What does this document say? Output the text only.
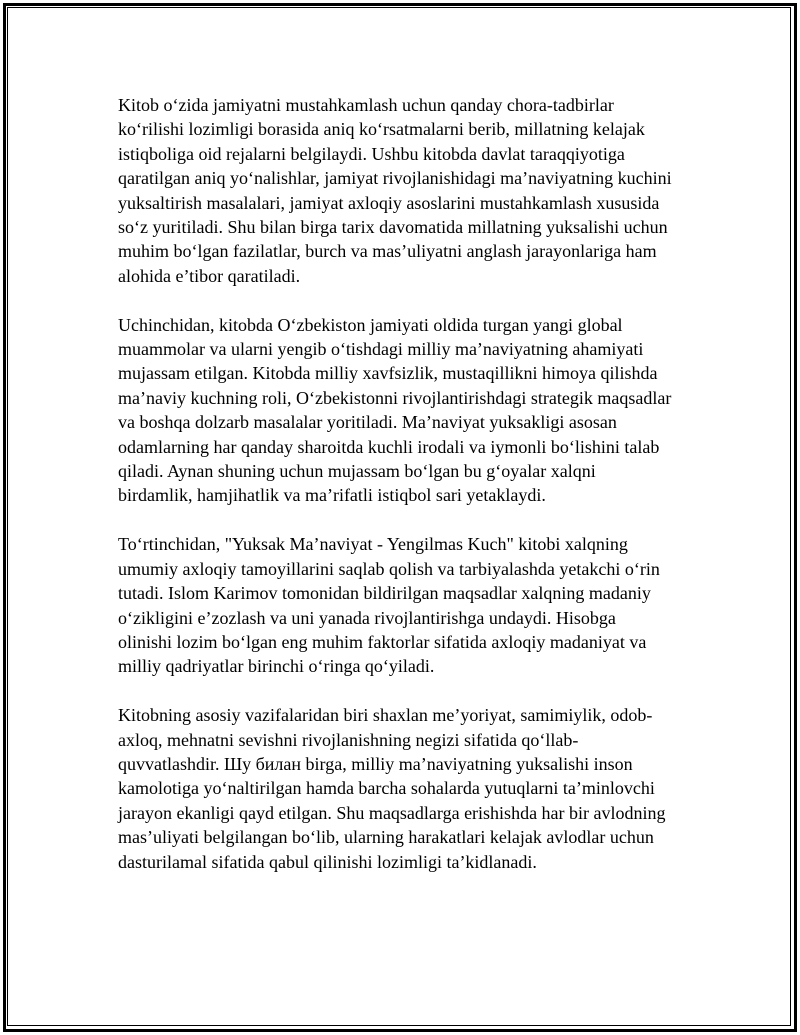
Kitob o‘zida jamiyatni mustahkamlash uchun qanday chora-tadbirlar
ko‘rilishi lozimligi borasida aniq ko‘rsatmalarni berib, millatning kelajak
istiqboliga oid rejalarni belgilaydi. Ushbu kitobda davlat taraqqiyotiga
qaratilgan aniq yo‘nalishlar, jamiyat rivojlanishidagi ma’naviyatning kuchini
yuksaltirish masalalari, jamiyat axloqiy asoslarini mustahkamlash xususida
so‘z yuritiladi. Shu bilan birga tarix davomatida millatning yuksalishi uchun
muhim bo‘lgan fazilatlar, burch va mas’uliyatni anglash jarayonlariga ham
alohida e’tibor qaratiladi.

Uchinchidan, kitobda O‘zbekiston jamiyati oldida turgan yangi global
muammolar va ularni yengib o‘tishdagi milliy ma’naviyatning ahamiyati
mujassam etilgan. Kitobda milliy xavfsizlik, mustaqillikni himoya qilishda
ma’naviy kuchning roli, O‘zbekistonni rivojlantirishdagi strategik maqsadlar
va boshqa dolzarb masalalar yoritiladi. Ma’naviyat yuksakligi asosan
odamlarning har qanday sharoitda kuchli irodali va iymonli bo‘lishini talab
qiladi. Aynan shuning uchun mujassam bo‘lgan bu g‘oyalar xalqni
birdamlik, hamjihatlik va ma’rifatli istiqbol sari yetaklaydi.

To‘rtinchidan, "Yuksak Ma’naviyat - Yengilmas Kuch" kitobi xalqning
umumiy axloqiy tamoyillarini saqlab qolish va tarbiyalashda yetakchi o‘rin
tutadi. Islom Karimov tomonidan bildirilgan maqsadlar xalqning madaniy
o‘zikligini e’zozlash va uni yanada rivojlantirishga undaydi. Hisobga
olinishi lozim bo‘lgan eng muhim faktorlar sifatida axloqiy madaniyat va
milliy qadriyatlar birinchi o‘ringa qo‘yiladi.

Kitobning asosiy vazifalaridan biri shaxlan me’yoriyat, samimiylik, odob-
axloq, mehnatni sevishni rivojlanishning negizi sifatida qo‘llab-
quvvatlashdir. Шу билан birga, milliy ma’naviyatning yuksalishi inson
kamolotiga yo‘naltirilgan hamda barcha sohalarda yutuqlarni ta’minlovchi
jarayon ekanligi qayd etilgan. Shu maqsadlarga erishishda har bir avlodning
mas’uliyati belgilangan bo‘lib, ularning harakatlari kelajak avlodlar uchun
dasturilamal sifatida qabul qilinishi lozimligi ta’kidlanadi.
